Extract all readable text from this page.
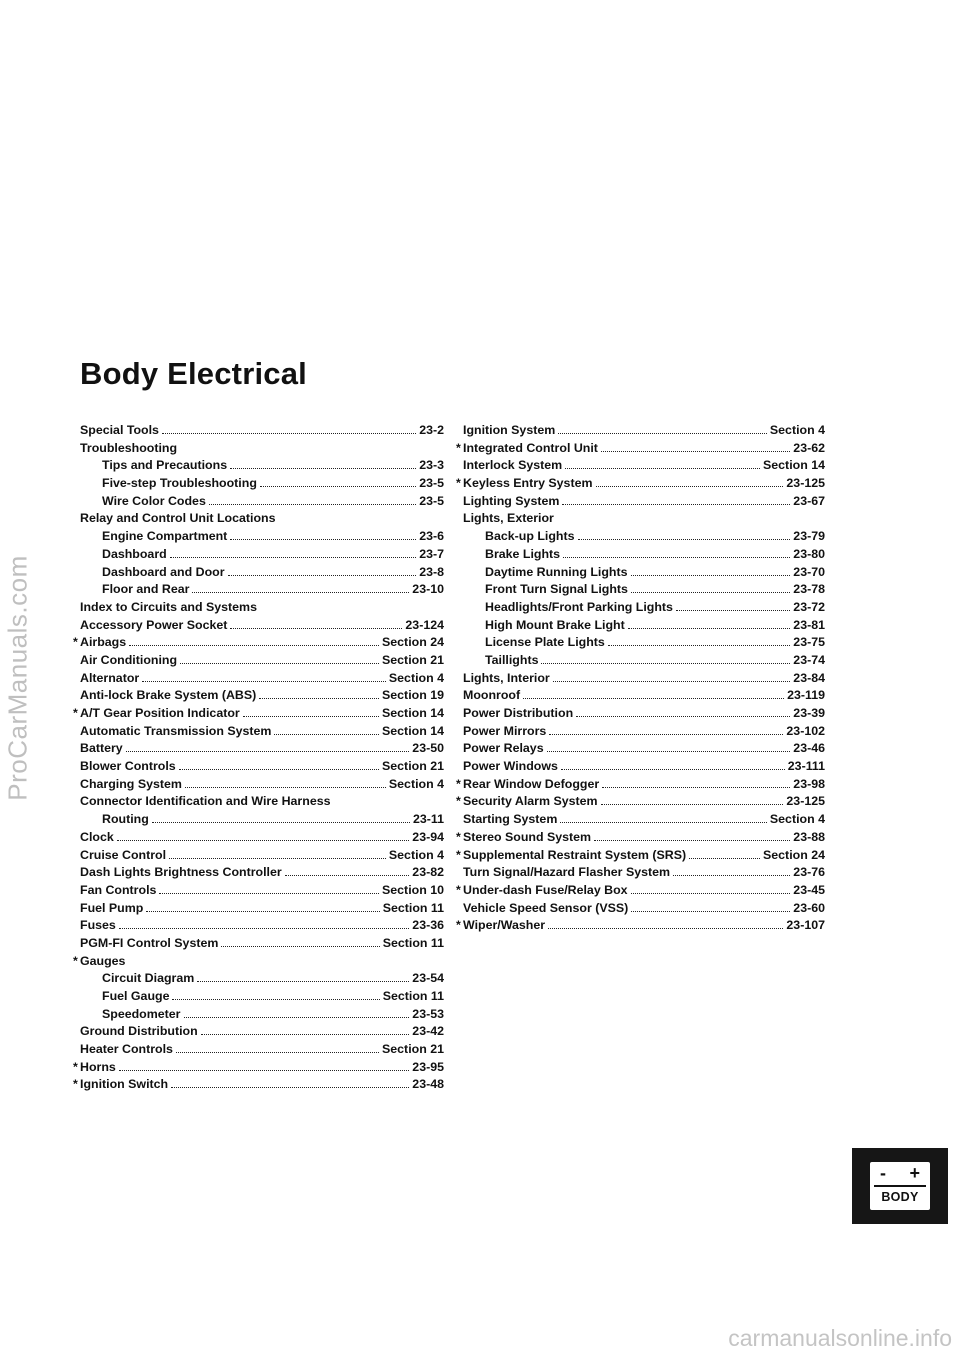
ProCarManuals.com
Body Electrical
Special Tools	23-2
Troubleshooting
Tips and Precautions	23-3
Five-step Troubleshooting	23-5
Wire Color Codes	23-5
Relay and Control Unit Locations
Engine Compartment	23-6
Dashboard	23-7
Dashboard and Door	23-8
Floor and Rear	23-10
Index to Circuits and Systems
Accessory Power Socket	23-124
* Airbags	Section 24
Air Conditioning	Section 21
Alternator	Section 4
Anti-lock Brake System (ABS)	Section 19
* A/T Gear Position Indicator	Section 14
Automatic Transmission System	Section 14
Battery	23-50
Blower Controls	Section 21
Charging System	Section 4
Connector Identification and Wire Harness
Routing	23-11
Clock	23-94
Cruise Control	Section 4
Dash Lights Brightness Controller	23-82
Fan Controls	Section 10
Fuel Pump	Section 11
Fuses	23-36
PGM-FI Control System	Section 11
* Gauges
Circuit Diagram	23-54
Fuel Gauge	Section 11
Speedometer	23-53
Ground Distribution	23-42
Heater Controls	Section 21
* Horns	23-95
* Ignition Switch	23-48
Ignition System	Section 4
* Integrated Control Unit	23-62
Interlock System	Section 14
* Keyless Entry System	23-125
Lighting System	23-67
Lights, Exterior
Back-up Lights	23-79
Brake Lights	23-80
Daytime Running Lights	23-70
Front Turn Signal Lights	23-78
Headlights/Front Parking Lights	23-72
High Mount Brake Light	23-81
License Plate Lights	23-75
Taillights	23-74
Lights, Interior	23-84
Moonroof	23-119
Power Distribution	23-39
Power Mirrors	23-102
Power Relays	23-46
Power Windows	23-111
* Rear Window Defogger	23-98
* Security Alarm System	23-125
Starting System	Section 4
* Stereo Sound System	23-88
* Supplemental Restraint System (SRS)	Section 24
Turn Signal/Hazard Flasher System	23-76
* Under-dash Fuse/Relay Box	23-45
Vehicle Speed Sensor (VSS)	23-60
* Wiper/Washer	23-107
- +
BODY
carmanualsonline.info
